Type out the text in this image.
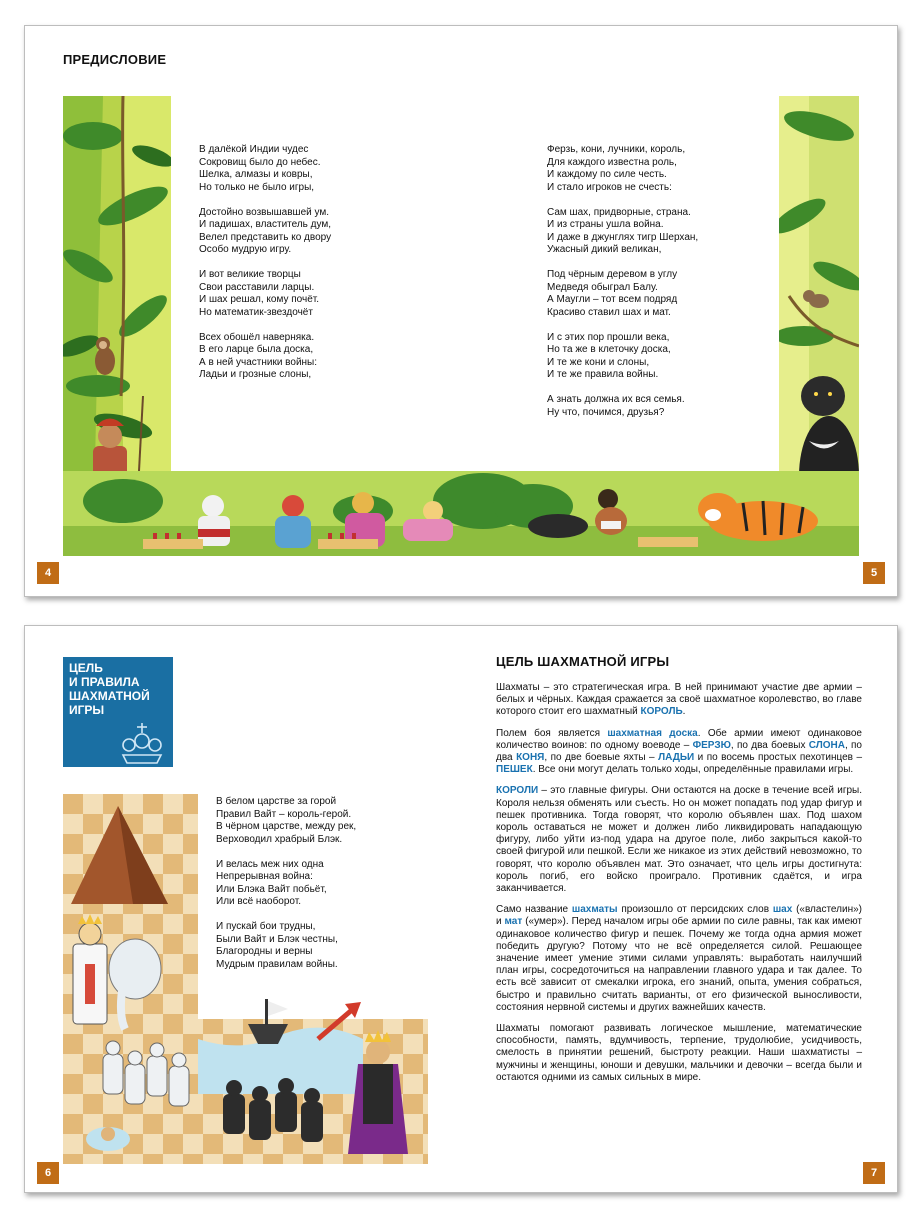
ПРЕДИСЛОВИЕ
В далёкой Индии чудес
Сокровищ было до небес.
Шелка, алмазы и ковры,
Но только не было игры,
Достойно возвышавшей ум.
И падишах, властитель дум,
Велел представить ко двору
Особо мудрую игру.
И вот великие творцы
Свои расставили ларцы.
И шах решал, кому почёт.
Но математик-звездочёт
Всех обошёл наверняка.
В его ларце была доска,
А в ней участники войны:
Ладьи и грозные слоны,
Ферзь, кони, лучники, король,
Для каждого известна роль,
И каждому по силе честь.
И стало игроков не счесть:
Сам шах, придворные, страна.
И из страны ушла война.
И даже в джунглях тигр Шерхан,
Ужасный дикий великан,
Под чёрным деревом в углу
Медведя обыграл Балу.
А Маугли – тот всем подряд
Красиво ставил шах и мат.
И с этих пор прошли века,
Но та же в клеточку доска,
И те же кони и слоны,
И те же правила войны.
А знать должна их вся семья.
Ну что, почимся, друзья?
4	5
ЦЕЛЬ
И ПРАВИЛА
ШАХМАТНОЙ
ИГРЫ
В белом царстве за горой
Правил Вайт – король-герой.
В чёрном царстве, между рек,
Верховодил храбрый Блэк.
И велась меж них одна
Непрерывная война:
Или Блэка Вайт побьёт,
Или всё наоборот.
И пускай бои трудны,
Были Вайт и Блэк честны,
Благородны и верны
Мудрым правилам войны.
ЦЕЛЬ ШАХМАТНОЙ ИГРЫ

Шахматы – это стратегическая игра. В ней принимают участие две армии – белых и чёрных. Каждая сражается за своё шахматное королевство, во главе которого стоит его шахматный КОРОЛЬ.

Полем боя является шахматная доска. Обе армии имеют одинаковое количество воинов: по одному воеводе – ФЕРЗЮ, по два боевых СЛОНА, по два КОНЯ, по две боевые яхты – ЛАДЬИ и по восемь простых пехотинцев – ПЕШЕК. Все они могут делать только ходы, определённые правилами игры.

КОРОЛИ – это главные фигуры. Они остаются на доске в течение всей игры. Короля нельзя обменять или съесть. Но он может попадать под удар фигур и пешек противника. Тогда говорят, что королю объявлен шах. Под шахом король оставаться не может и должен либо ликвидировать нападающую фигуру, либо уйти из-под удара на другое поле, либо закрыться какой-то своей фигурой или пешкой. Если же никакое из этих действий невозможно, то говорят, что королю объявлен мат. Это означает, что цель игры достигнута: король погиб, его войско проиграло. Противник сдаётся, и игра заканчивается.

Само название шахматы произошло от персидских слов шах («властелин») и мат («умер»). Перед началом игры обе армии по силе равны, так как имеют одинаковое количество фигур и пешек. Почему же тогда одна армия может победить другую? Потому что не всё определяется силой. Решающее значение имеет умение этими силами управлять: выработать наилучший план игры, сосредоточиться на направлении главного удара и так далее. То есть всё зависит от смекалки игрока, его знаний, опыта, умения собраться, быстро и правильно считать варианты, от его физической выносливости, состояния нервной системы и других важнейших качеств.

Шахматы помогают развивать логическое мышление, математические способности, память, вдумчивость, терпение, трудолюбие, усидчивость, смелость в принятии решений, быстроту реакции. Наши шахматисты – мужчины и женщины, юноши и девушки, мальчики и девочки – всегда были и остаются одними из самых сильных в мире.

6	7
